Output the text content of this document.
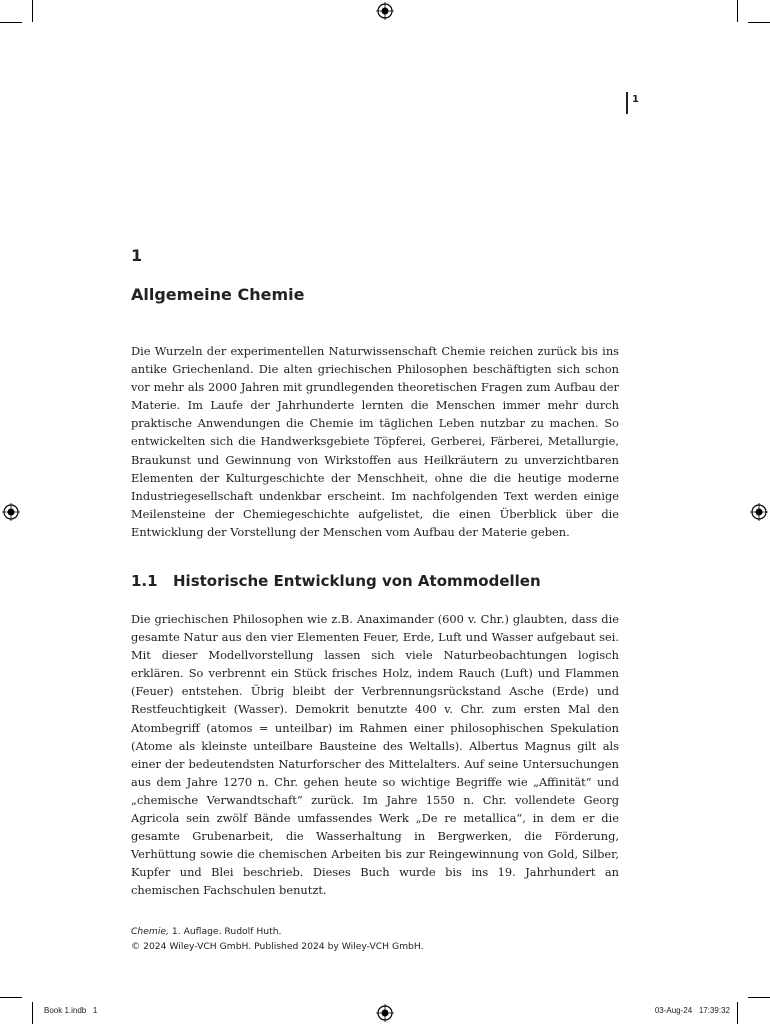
1
1
Allgemeine Chemie

Die Wurzeln der experimentellen Naturwissenschaft Chemie reichen zurück bis ins antike Griechenland. Die alten griechischen Philosophen beschäftigten sich schon vor mehr als 2000 Jahren mit grundlegenden theoretischen Fragen zum Aufbau der Materie. Im Laufe der Jahrhunderte lernten die Menschen immer mehr durch praktische Anwendungen die Chemie im täglichen Leben nutzbar zu machen. So entwickelten sich die Handwerksgebiete Töpferei, Gerberei, Färberei, Metallurgie, Braukunst und Gewinnung von Wirkstoffen aus Heilkräutern zu unverzichtbaren Elementen der Kulturgeschichte der Menschheit, ohne die die heutige moderne Industriegesellschaft undenkbar erscheint. Im nachfolgenden Text werden einige Meilensteine der Chemiegeschichte aufgelistet, die einen Überblick über die Entwicklung der Vorstellung der Menschen vom Aufbau der Materie geben.

1.1	Historische Entwicklung von Atommodellen

Die griechischen Philosophen wie z.B. Anaximander (600 v. Chr.) glaubten, dass die gesamte Natur aus den vier Elementen Feuer, Erde, Luft und Wasser aufgebaut sei. Mit dieser Modellvorstellung lassen sich viele Naturbeobachtungen logisch erklären. So verbrennt ein Stück frisches Holz, indem Rauch (Luft) und Flammen (Feuer) entstehen. Übrig bleibt der Verbrennungsrückstand Asche (Erde) und Restfeuchtigkeit (Wasser). Demokrit benutzte 400 v. Chr. zum ersten Mal den Atombegriff (atomos = unteilbar) im Rahmen einer philosophischen Spekulation (Atome als kleinste unteilbare Bausteine des Weltalls). Albertus Magnus gilt als einer der bedeutendsten Naturforscher des Mittelalters. Auf seine Untersuchungen aus dem Jahre 1270 n. Chr. gehen heute so wichtige Begriffe wie „Affinität“ und „chemische Verwandtschaft“ zurück. Im Jahre 1550 n. Chr. vollendete Georg Agricola sein zwölf Bände umfassendes Werk „De re metallica“, in dem er die gesamte Grubenarbeit, die Wasserhaltung in Bergwerken, die Förderung, Verhüttung sowie die chemischen Arbeiten bis zur Reingewinnung von Gold, Silber, Kupfer und Blei beschrieb. Dieses Buch wurde bis ins 19. Jahrhundert an chemischen Fachschulen benutzt.

Chemie, 1. Auflage. Rudolf Huth.
© 2024 Wiley-VCH GmbH. Published 2024 by Wiley-VCH GmbH.
Book 1.indb   1	03-Aug-24   17:39:32
